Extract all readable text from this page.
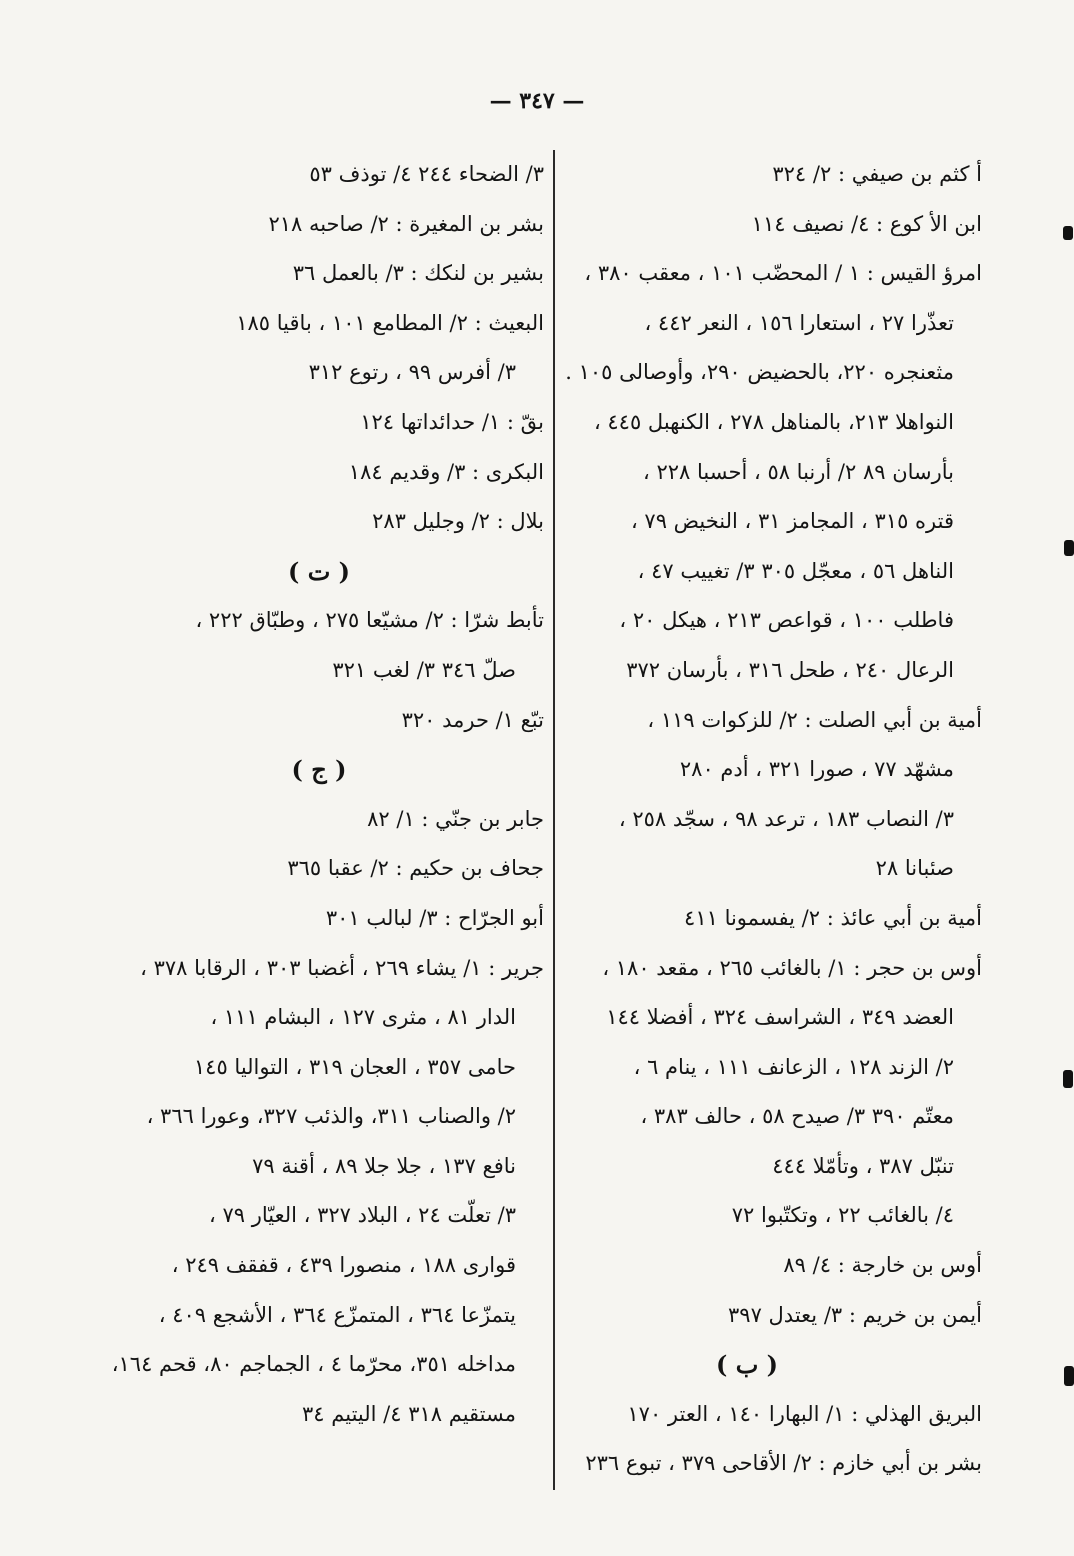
— ٣٤٧ —
أ كثم بن صيفي : ٢/ ٣٢٤
ابن الأ كوع : ٤/ نصيف ١١٤
امرؤ القيس : ١ / المحضّب ١٠١ ، معقب ٣٨٠ ،
تعذّرا ٢٧ ، استعارا ١٥٦ ، النعر ٤٤٢ ،
مثعنجره ٢٢٠، بالحضيض ٢٩٠، وأوصالى ١٠٥ .
النواهلا ٢١٣، بالمناهل ٢٧٨ ، الكنهبل ٤٤٥ ،
بأرسان ٨٩ ٢/ أرنبا ٥٨ ، أحسبا ٢٢٨ ،
قتره ٣١٥ ، المجامز ٣١ ، النخيض ٧٩ ،
الناهل ٥٦ ، معجّل ٣٠٥ ٣/ تغييب ٤٧ ،
فاطلب ١٠٠ ، قواعص ٢١٣ ، هيكل ٢٠ ،
الرعال ٢٤٠ ، طحل ٣١٦ ، بأرسان ٣٧٢
أمية بن أبي الصلت : ٢/ للزكوات ١١٩ ،
مشهّد ٧٧ ، صورا ٣٢١ ، أدم ٢٨٠
٣/ النصاب ١٨٣ ، ترعد ٩٨ ، سجّد ٢٥٨ ،
صئبانا ٢٨
أمية بن أبي عائذ : ٢/ يفسمونا ٤١١
أوس بن حجر : ١/ بالغائب ٢٦٥ ، مقعد ١٨٠ ،
العضد ٣٤٩ ، الشراسف ٣٢٤ ، أفضلا ١٤٤
٢/ الزند ١٢٨ ، الزعانف ١١١ ، ينام ٦ ،
معتّم ٣٩٠ ٣/ صيدح ٥٨ ، حالف ٣٨٣ ،
تنبّل ٣٨٧ ، وتأمّلا ٤٤٤
٤/ بالغائب ٢٢ ، وتكتّبوا ٧٢
أوس بن خارجة : ٤/ ٨٩
أيمن بن خريم : ٣/ يعتدل ٣٩٧
( ب )
البريق الهذلي : ١/ البهارا ١٤٠ ، العتر ١٧٠
بشر بن أبي خازم : ٢/ الأقاحى ٣٧٩ ، تبوع ٢٣٦
٣/ الضحاء ٢٤٤ ٤/ توذف ٥٣
بشر بن المغيرة : ٢/ صاحبه ٢١٨
بشير بن لنكك : ٣/ بالعمل ٣٦
البعيث : ٢/ المطامع ١٠١ ، باقيا ١٨٥
٣/ أفرس ٩٩ ، رتوع ٣١٢
بقّ : ١/ حدائداتها ١٢٤
البكرى : ٣/ وقديم ١٨٤
بلال : ٢/ وجليل ٢٨٣
( ت )
تأبط شرّا : ٢/ مشيّعا ٢٧٥ ، وطبّاق ٢٢٢ ،
صلّ ٣٤٦ ٣/ لغب ٣٢١
تبّع ١/ حرمد ٣٢٠
( ج )
جابر بن جنّي : ١/ ٨٢
جحاف بن حكيم : ٢/ عقبا ٣٦٥
أبو الجرّاح : ٣/ لبالب ٣٠١
جرير : ١/ يشاء ٢٦٩ ، أغضبا ٣٠٣ ، الرقابا ٣٧٨ ،
الدار ٨١ ، مثرى ١٢٧ ، البشام ١١١ ،
حامى ٣٥٧ ، العجان ٣١٩ ، التواليا ١٤٥
٢/ والصناب ٣١١، والذئب ٣٢٧، وعورا ٣٦٦ ،
نافع ١٣٧ ، جلا جلا ٨٩ ، أقنة ٧٩
٣/ تعلّت ٢٤ ، البلاد ٣٢٧ ، العيّار ٧٩ ،
قوارى ١٨٨ ، منصورا ٤٣٩ ، قفقف ٢٤٩ ،
يتمزّعا ٣٦٤ ، المتمزّع ٣٦٤ ، الأشجع ٤٠٩ ،
مداخله ٣٥١، محرّما ٤ ، الجماجم ٨٠، قحم ١٦٤،
مستقيم ٣١٨ ٤/ اليتيم ٣٤
